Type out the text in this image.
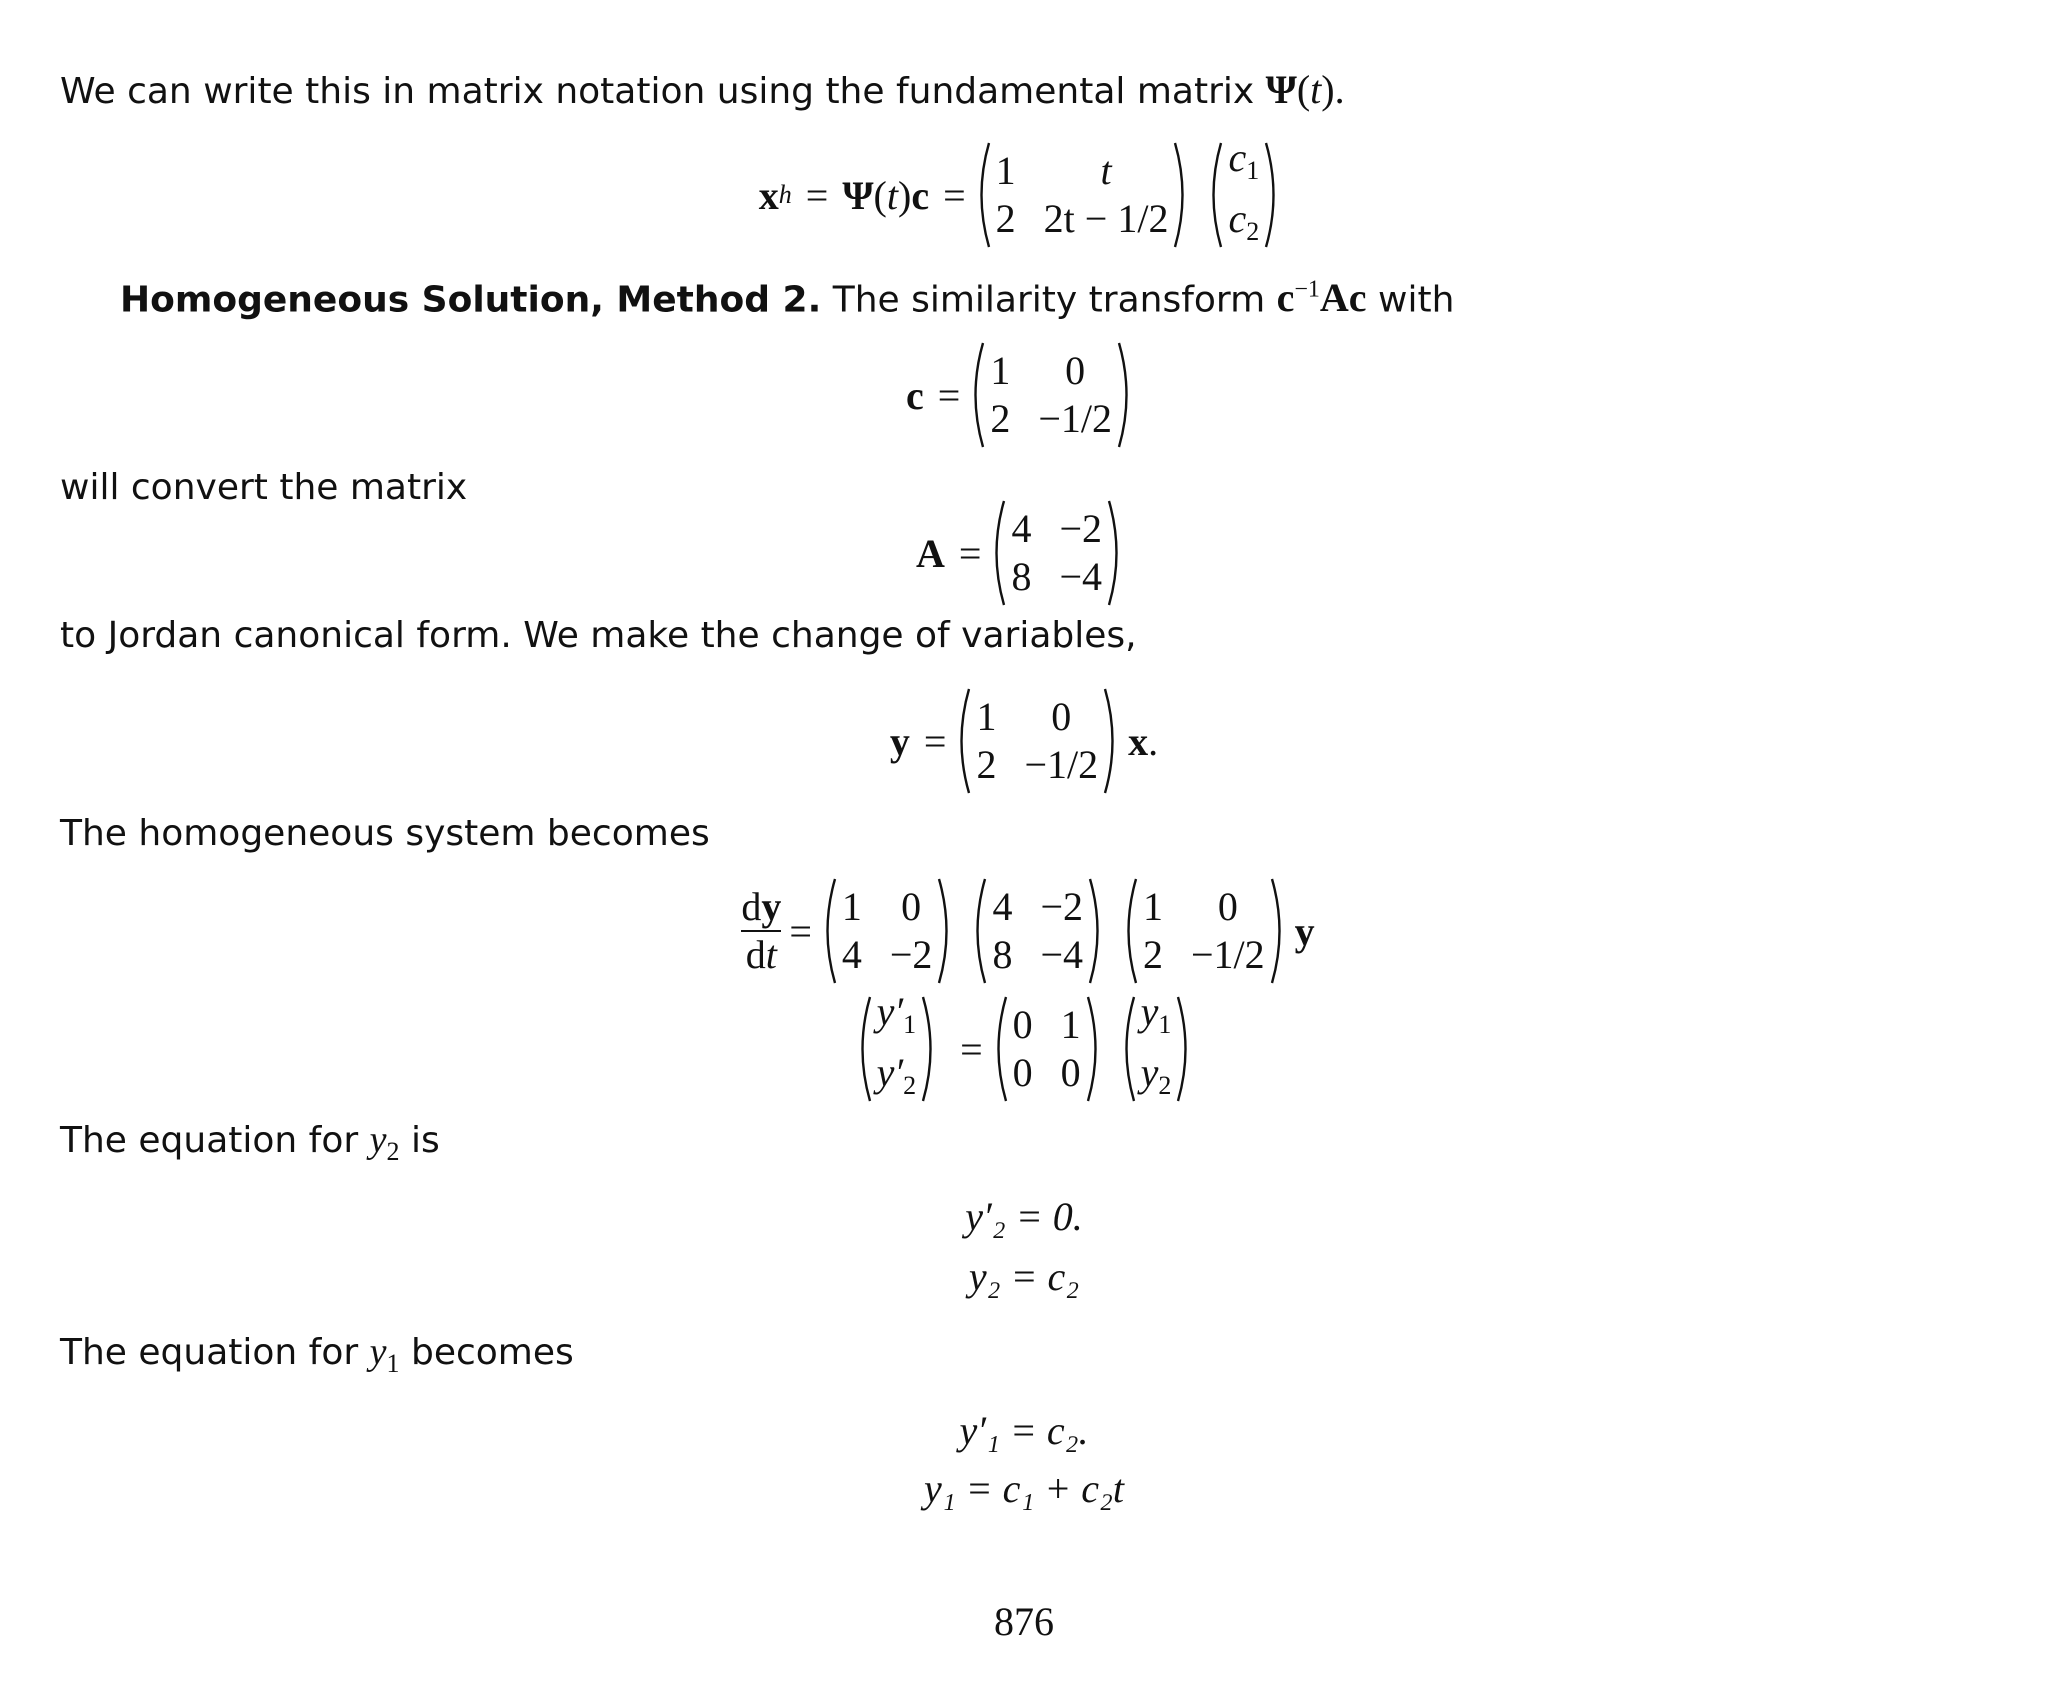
We can write this in matrix notation using the fundamental matrix Ψ(t).
x h = Ψ ( t ) c =
1	t
2 2t − 1/2
$c_1$
$c_2$
Homogeneous Solution, Method 2. The similarity transform $c^{-1}Ac$ with
c =
1	0
2 −1/2
will convert the matrix
A =
4 −2
8 −4
to Jordan canonical form. We make the change of variables,
y =
1	0
2 −1/2
x .
The homogeneous system becomes
$\frac{dy}{dt}$ =
1 0
4 −2
4 −2
8 −4
1	0
2 −1/2
y
$y'_1$
$y'_2$
=
0 1
0 0
$y_1$
$y_2$
The equation for $y_2$ is
y′₂ = 0.
y₂ = c₂
The equation for $y_1$ becomes
y′₁ = c₂.
y₁ = c₁ + c₂t
876
